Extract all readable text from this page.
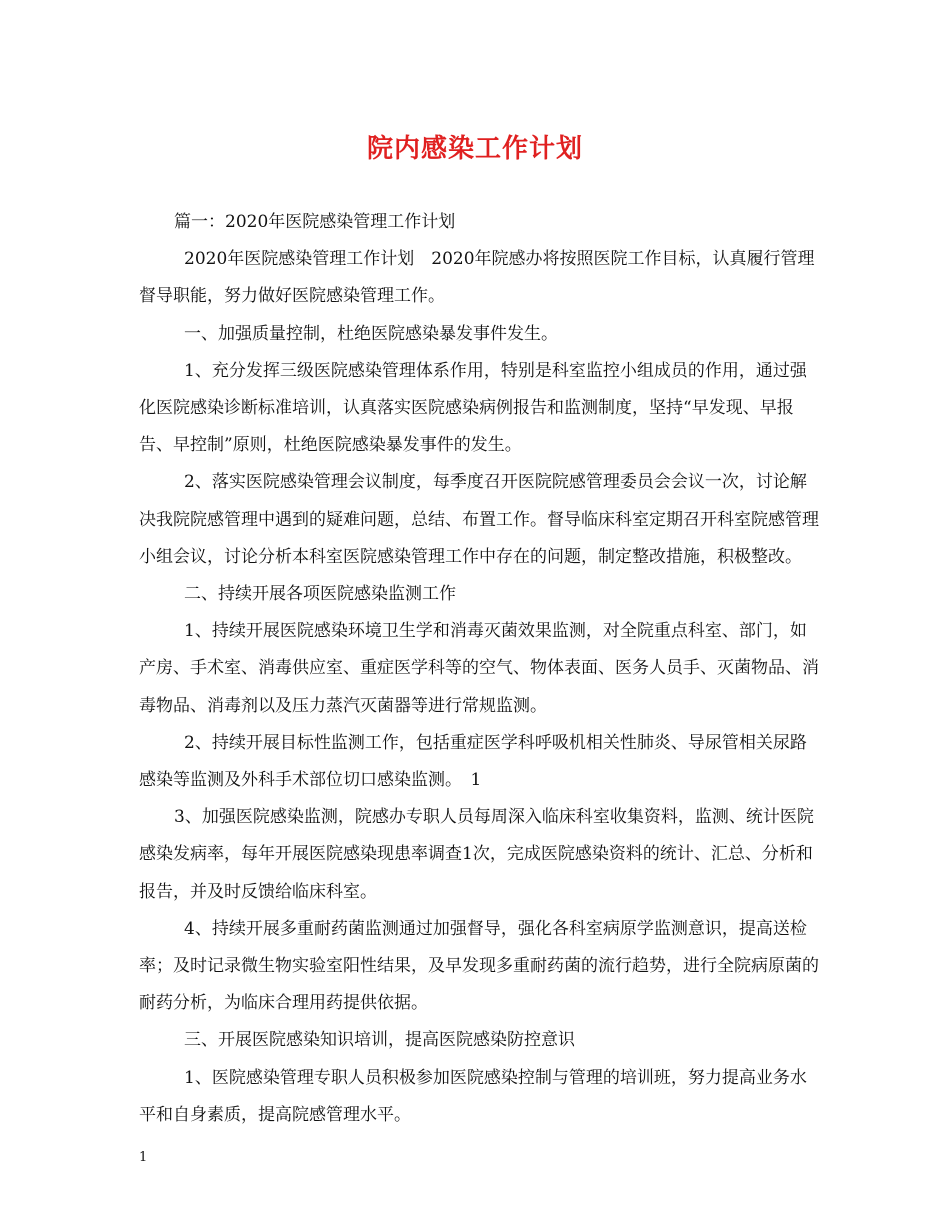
院内感染工作计划

篇一：2020年医院感染管理工作计划

2020年医院感染管理工作计划　2020年院感办将按照医院工作目标，认真履行管理督导职能，努力做好医院感染管理工作。

一、加强质量控制，杜绝医院感染暴发事件发生。

1、充分发挥三级医院感染管理体系作用，特别是科室监控小组成员的作用，通过强化医院感染诊断标准培训，认真落实医院感染病例报告和监测制度，坚持“早发现、早报告、早控制”原则，杜绝医院感染暴发事件的发生。

2、落实医院感染管理会议制度，每季度召开医院院感管理委员会会议一次，讨论解决我院院感管理中遇到的疑难问题，总结、布置工作。督导临床科室定期召开科室院感管理小组会议，讨论分析本科室医院感染管理工作中存在的问题，制定整改措施，积极整改。

二、持续开展各项医院感染监测工作

1、持续开展医院感染环境卫生学和消毒灭菌效果监测，对全院重点科室、部门，如产房、手术室、消毒供应室、重症医学科等的空气、物体表面、医务人员手、灭菌物品、消毒物品、消毒剂以及压力蒸汽灭菌器等进行常规监测。

2、持续开展目标性监测工作，包括重症医学科呼吸机相关性肺炎、导尿管相关尿路感染等监测及外科手术部位切口感染监测。　1

3、加强医院感染监测，院感办专职人员每周深入临床科室收集资料，监测、统计医院感染发病率，每年开展医院感染现患率调查1次，完成医院感染资料的统计、汇总、分析和报告，并及时反馈给临床科室。

4、持续开展多重耐药菌监测通过加强督导，强化各科室病原学监测意识，提高送检率；及时记录微生物实验室阳性结果，及早发现多重耐药菌的流行趋势，进行全院病原菌的耐药分析，为临床合理用药提供依据。

三、开展医院感染知识培训，提高医院感染防控意识

1、医院感染管理专职人员积极参加医院感染控制与管理的培训班，努力提高业务水平和自身素质，提高院感管理水平。

1
